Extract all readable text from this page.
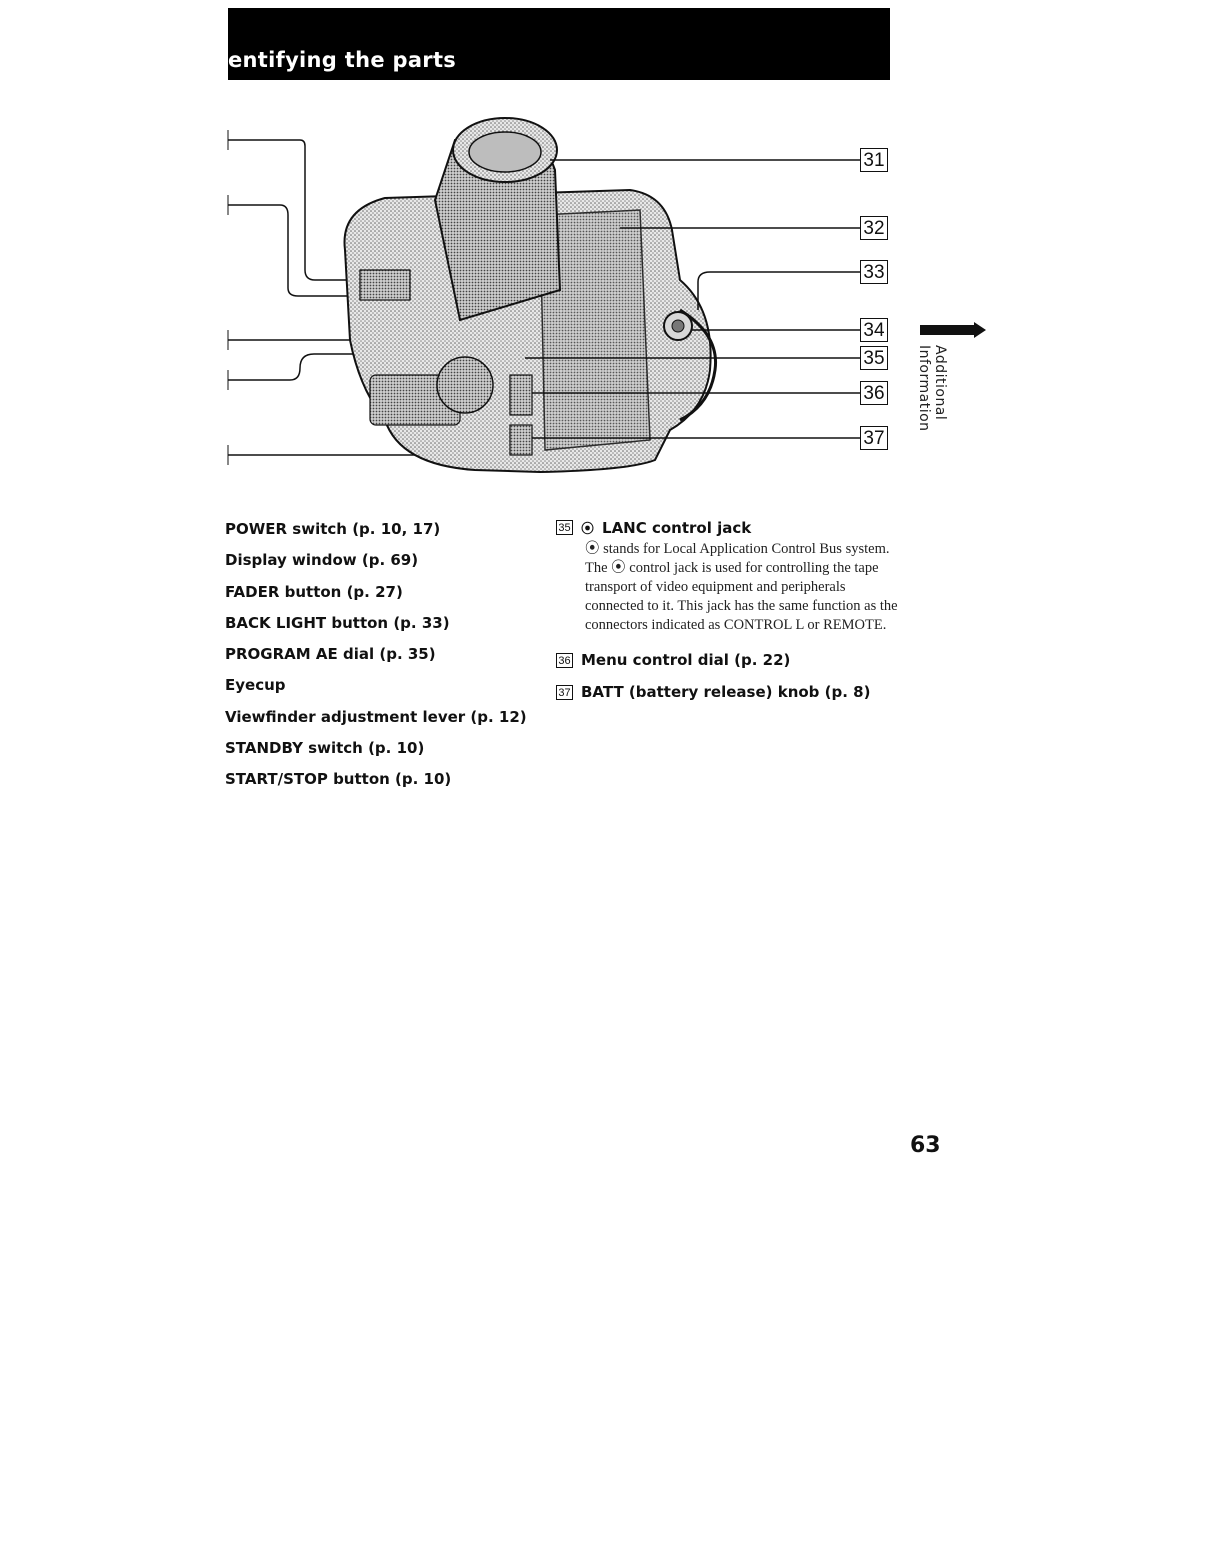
entifying the parts
31
32
33
34
35
36
37
Additional Information
POWER switch (p. 10, 17)
Display window (p. 69)
FADER button (p. 27)
BACK LIGHT button (p. 33)
PROGRAM AE dial (p. 35)
Eyecup
Viewfinder adjustment lever (p. 12)
STANDBY switch (p. 10)
START/STOP button (p. 10)
35 ⦿ LANC control jack
⦿ stands for Local Application Control Bus system. The ⦿ control jack is used for controlling the tape transport of video equipment and peripherals connected to it. This jack has the same function as the connectors indicated as CONTROL L or REMOTE.
36 Menu control dial (p. 22)
37 BATT (battery release) knob (p. 8)
63
